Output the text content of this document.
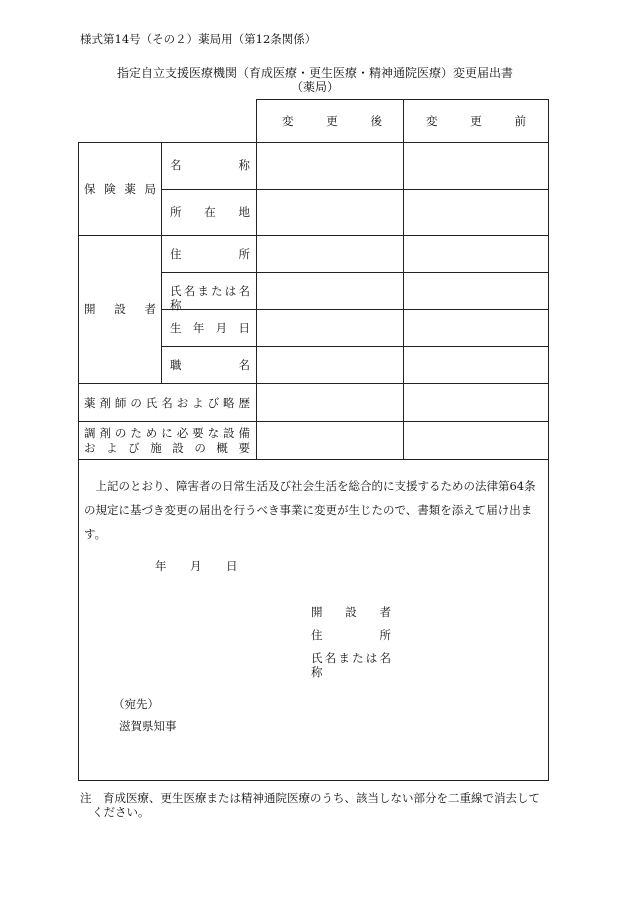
様式第14号（その２）薬局用（第12条関係）
指定自立支援医療機関（育成医療・更生医療・精神通院医療）変更届出書
（薬局）
変　　更　　後	変　　更　　前
保険薬局
名称
所在地
開設者
住所
氏名または名称
生年月日
職名
薬剤師の氏名および略歴
調剤のために必要な設備
および施設の概要
上記のとおり、障害者の日常生活及び社会生活を総合的に支援するための法律第64条の規定に基づき変更の届出を行うべき事業に変更が生じたので、書類を添えて届け出ます。
年 月 日
開設者
住所
氏名または名称
（宛先）
滋賀県知事
注　育成医療、更生医療または精神通院医療のうち、該当しない部分を二重線で消去して
ください。
